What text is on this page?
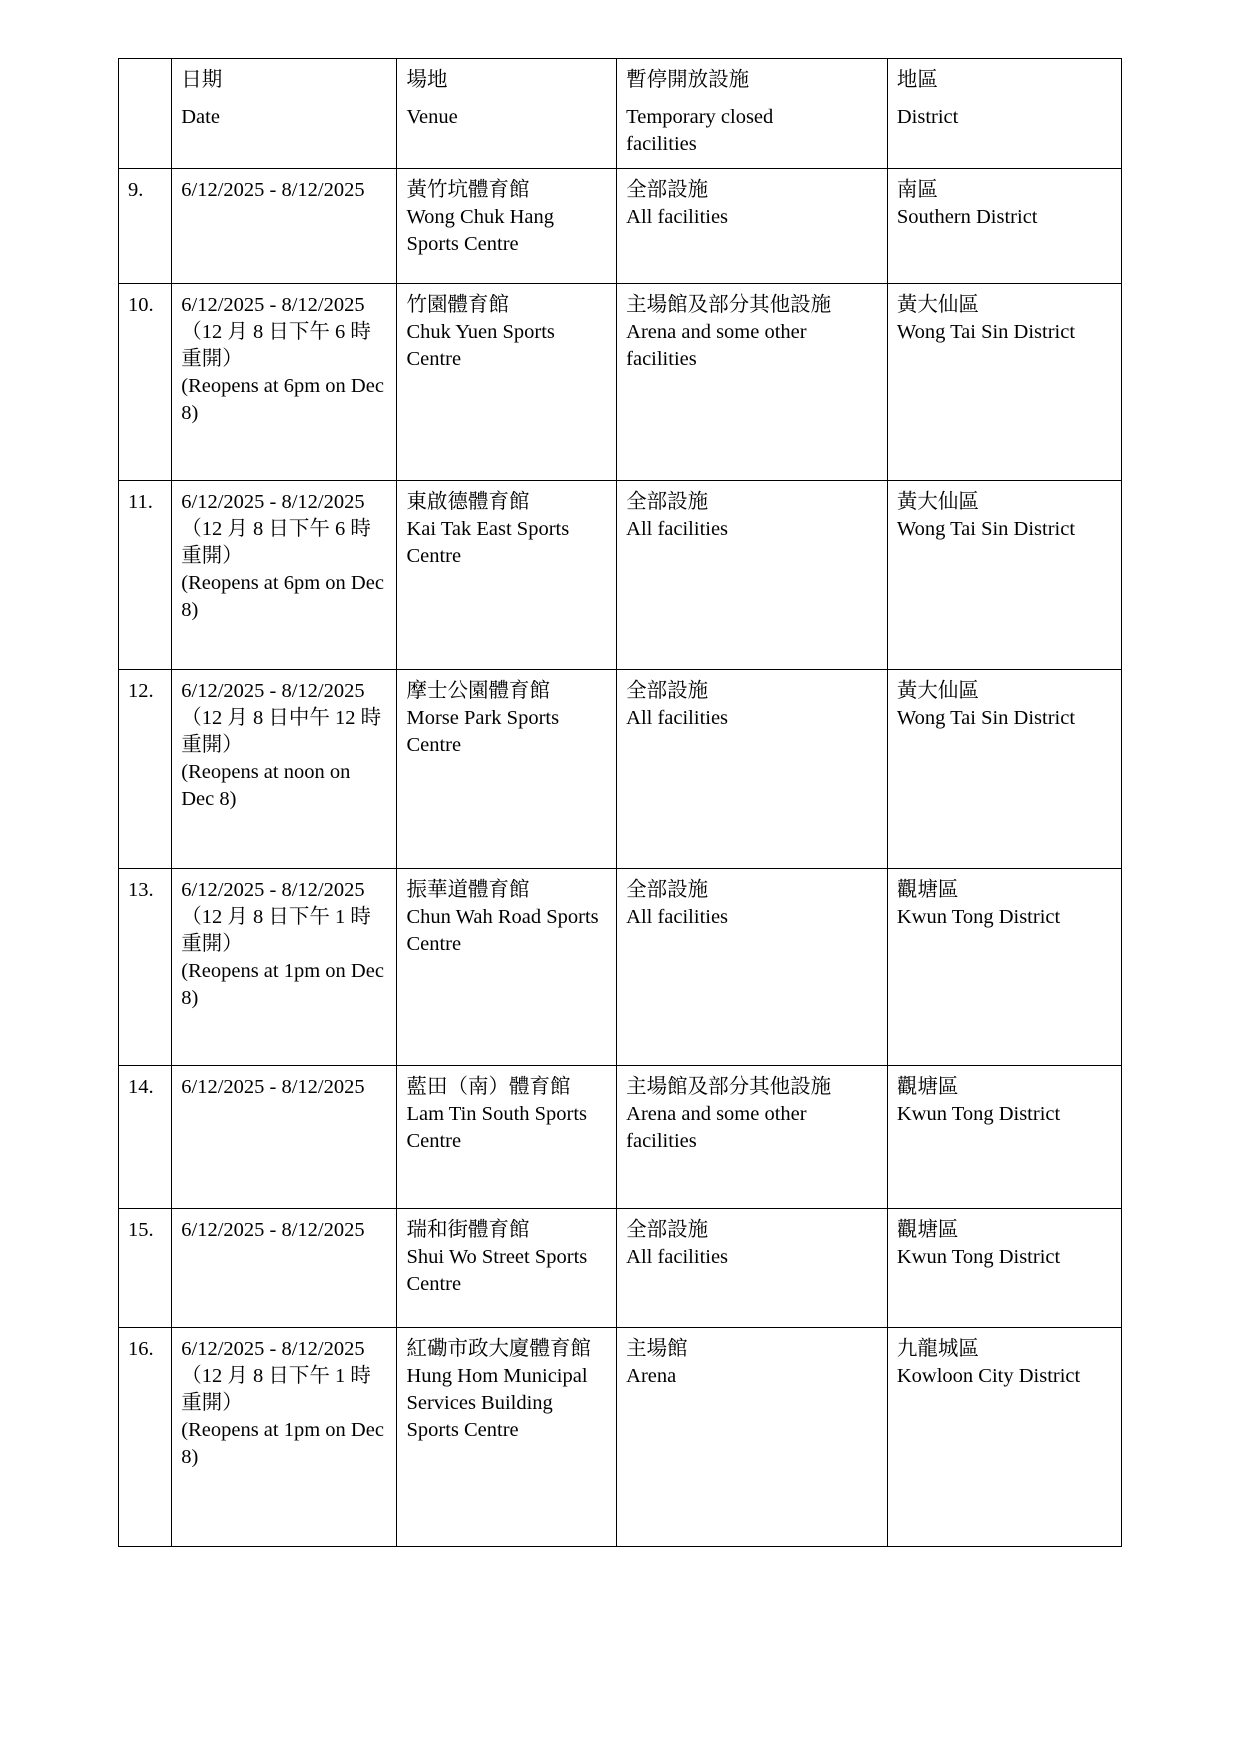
	日期
Date	場地
Venue	暫停開放設施
Temporary closed
facilities	地區
District

9.	6/12/2025 - 8/12/2025	黃竹坑體育館
Wong Chuk Hang Sports Centre	全部設施
All facilities	南區
Southern District

10.	6/12/2025 - 8/12/2025
（12 月 8 日下午 6 時重開）
(Reopens at 6pm on Dec 8)	竹園體育館
Chuk Yuen Sports Centre	主場館及部分其他設施
Arena and some other facilities	黃大仙區
Wong Tai Sin District

11.	6/12/2025 - 8/12/2025
（12 月 8 日下午 6 時重開）
(Reopens at 6pm on Dec 8)	東啟德體育館
Kai Tak East Sports Centre	全部設施
All facilities	黃大仙區
Wong Tai Sin District

12.	6/12/2025 - 8/12/2025
（12 月 8 日中午 12 時重開）
(Reopens at noon on Dec 8)	摩士公園體育館
Morse Park Sports Centre	全部設施
All facilities	黃大仙區
Wong Tai Sin District

13.	6/12/2025 - 8/12/2025
（12 月 8 日下午 1 時重開）
(Reopens at 1pm on Dec 8)	振華道體育館
Chun Wah Road Sports Centre	全部設施
All facilities	觀塘區
Kwun Tong District

14.	6/12/2025 - 8/12/2025	藍田（南）體育館
Lam Tin South Sports Centre	主場館及部分其他設施
Arena and some other facilities	觀塘區
Kwun Tong District

15.	6/12/2025 - 8/12/2025	瑞和街體育館
Shui Wo Street Sports Centre	全部設施
All facilities	觀塘區
Kwun Tong District

16.	6/12/2025 - 8/12/2025
（12 月 8 日下午 1 時重開）
(Reopens at 1pm on Dec 8)	紅磡市政大廈體育館
Hung Hom Municipal Services Building Sports Centre	主場館
Arena	九龍城區
Kowloon City District
